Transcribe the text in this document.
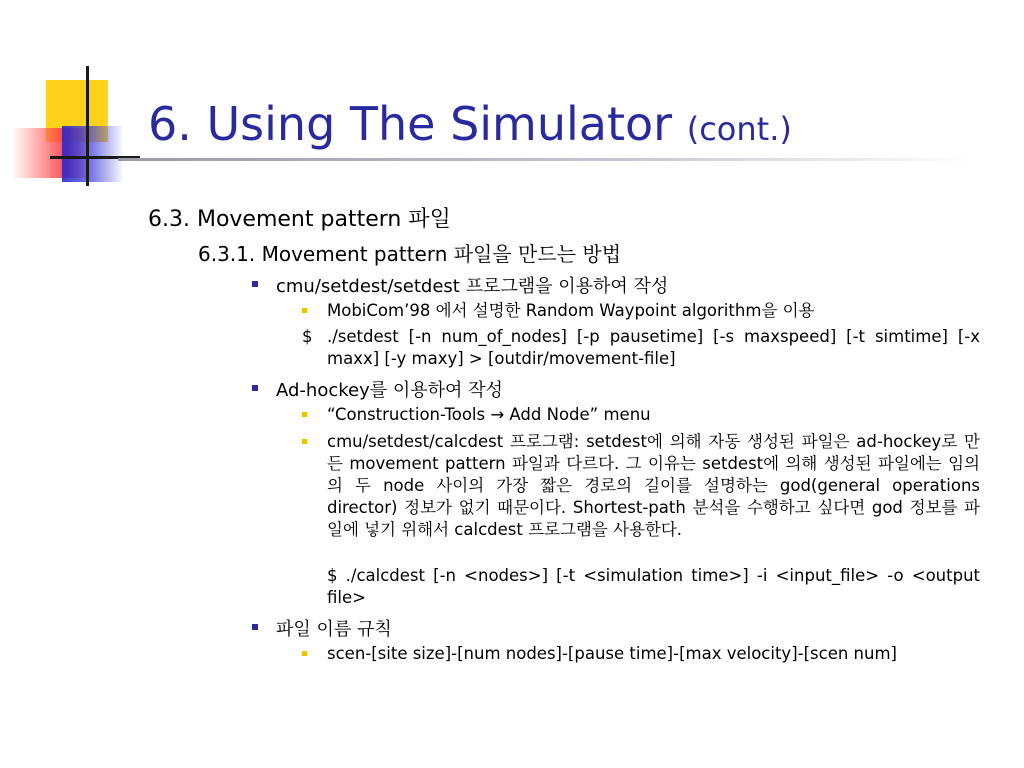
6. Using The Simulator (cont.)
6.3. Movement pattern 파일
6.3.1. Movement pattern 파일을 만드는 방법
cmu/setdest/setdest 프로그램을 이용하여 작성
MobiCom’98 에서 설명한 Random Waypoint algorithm을 이용
$ ./setdest [-n num_of_nodes] [-p pausetime] [-s maxspeed] [-t simtime] [-x maxx] [-y maxy] > [outdir/movement-file]
Ad-hockey를 이용하여 작성
“Construction-Tools → Add Node” menu
cmu/setdest/calcdest 프로그램: setdest에 의해 자동 생성된 파일은 ad-hockey로 만든 movement pattern 파일과 다르다. 그 이유는 setdest에 의해 생성된 파일에는 임의의 두 node 사이의 가장 짧은 경로의 길이를 설명하는 god(general operations director) 정보가 없기 때문이다. Shortest-path 분석을 수행하고 싶다면 god 정보를 파일에 넣기 위해서 calcdest 프로그램을 사용한다.
$ ./calcdest [-n <nodes>] [-t <simulation time>] -i <input_file> -o <output file>
파일 이름 규칙
scen-[site size]-[num nodes]-[pause time]-[max velocity]-[scen num]
